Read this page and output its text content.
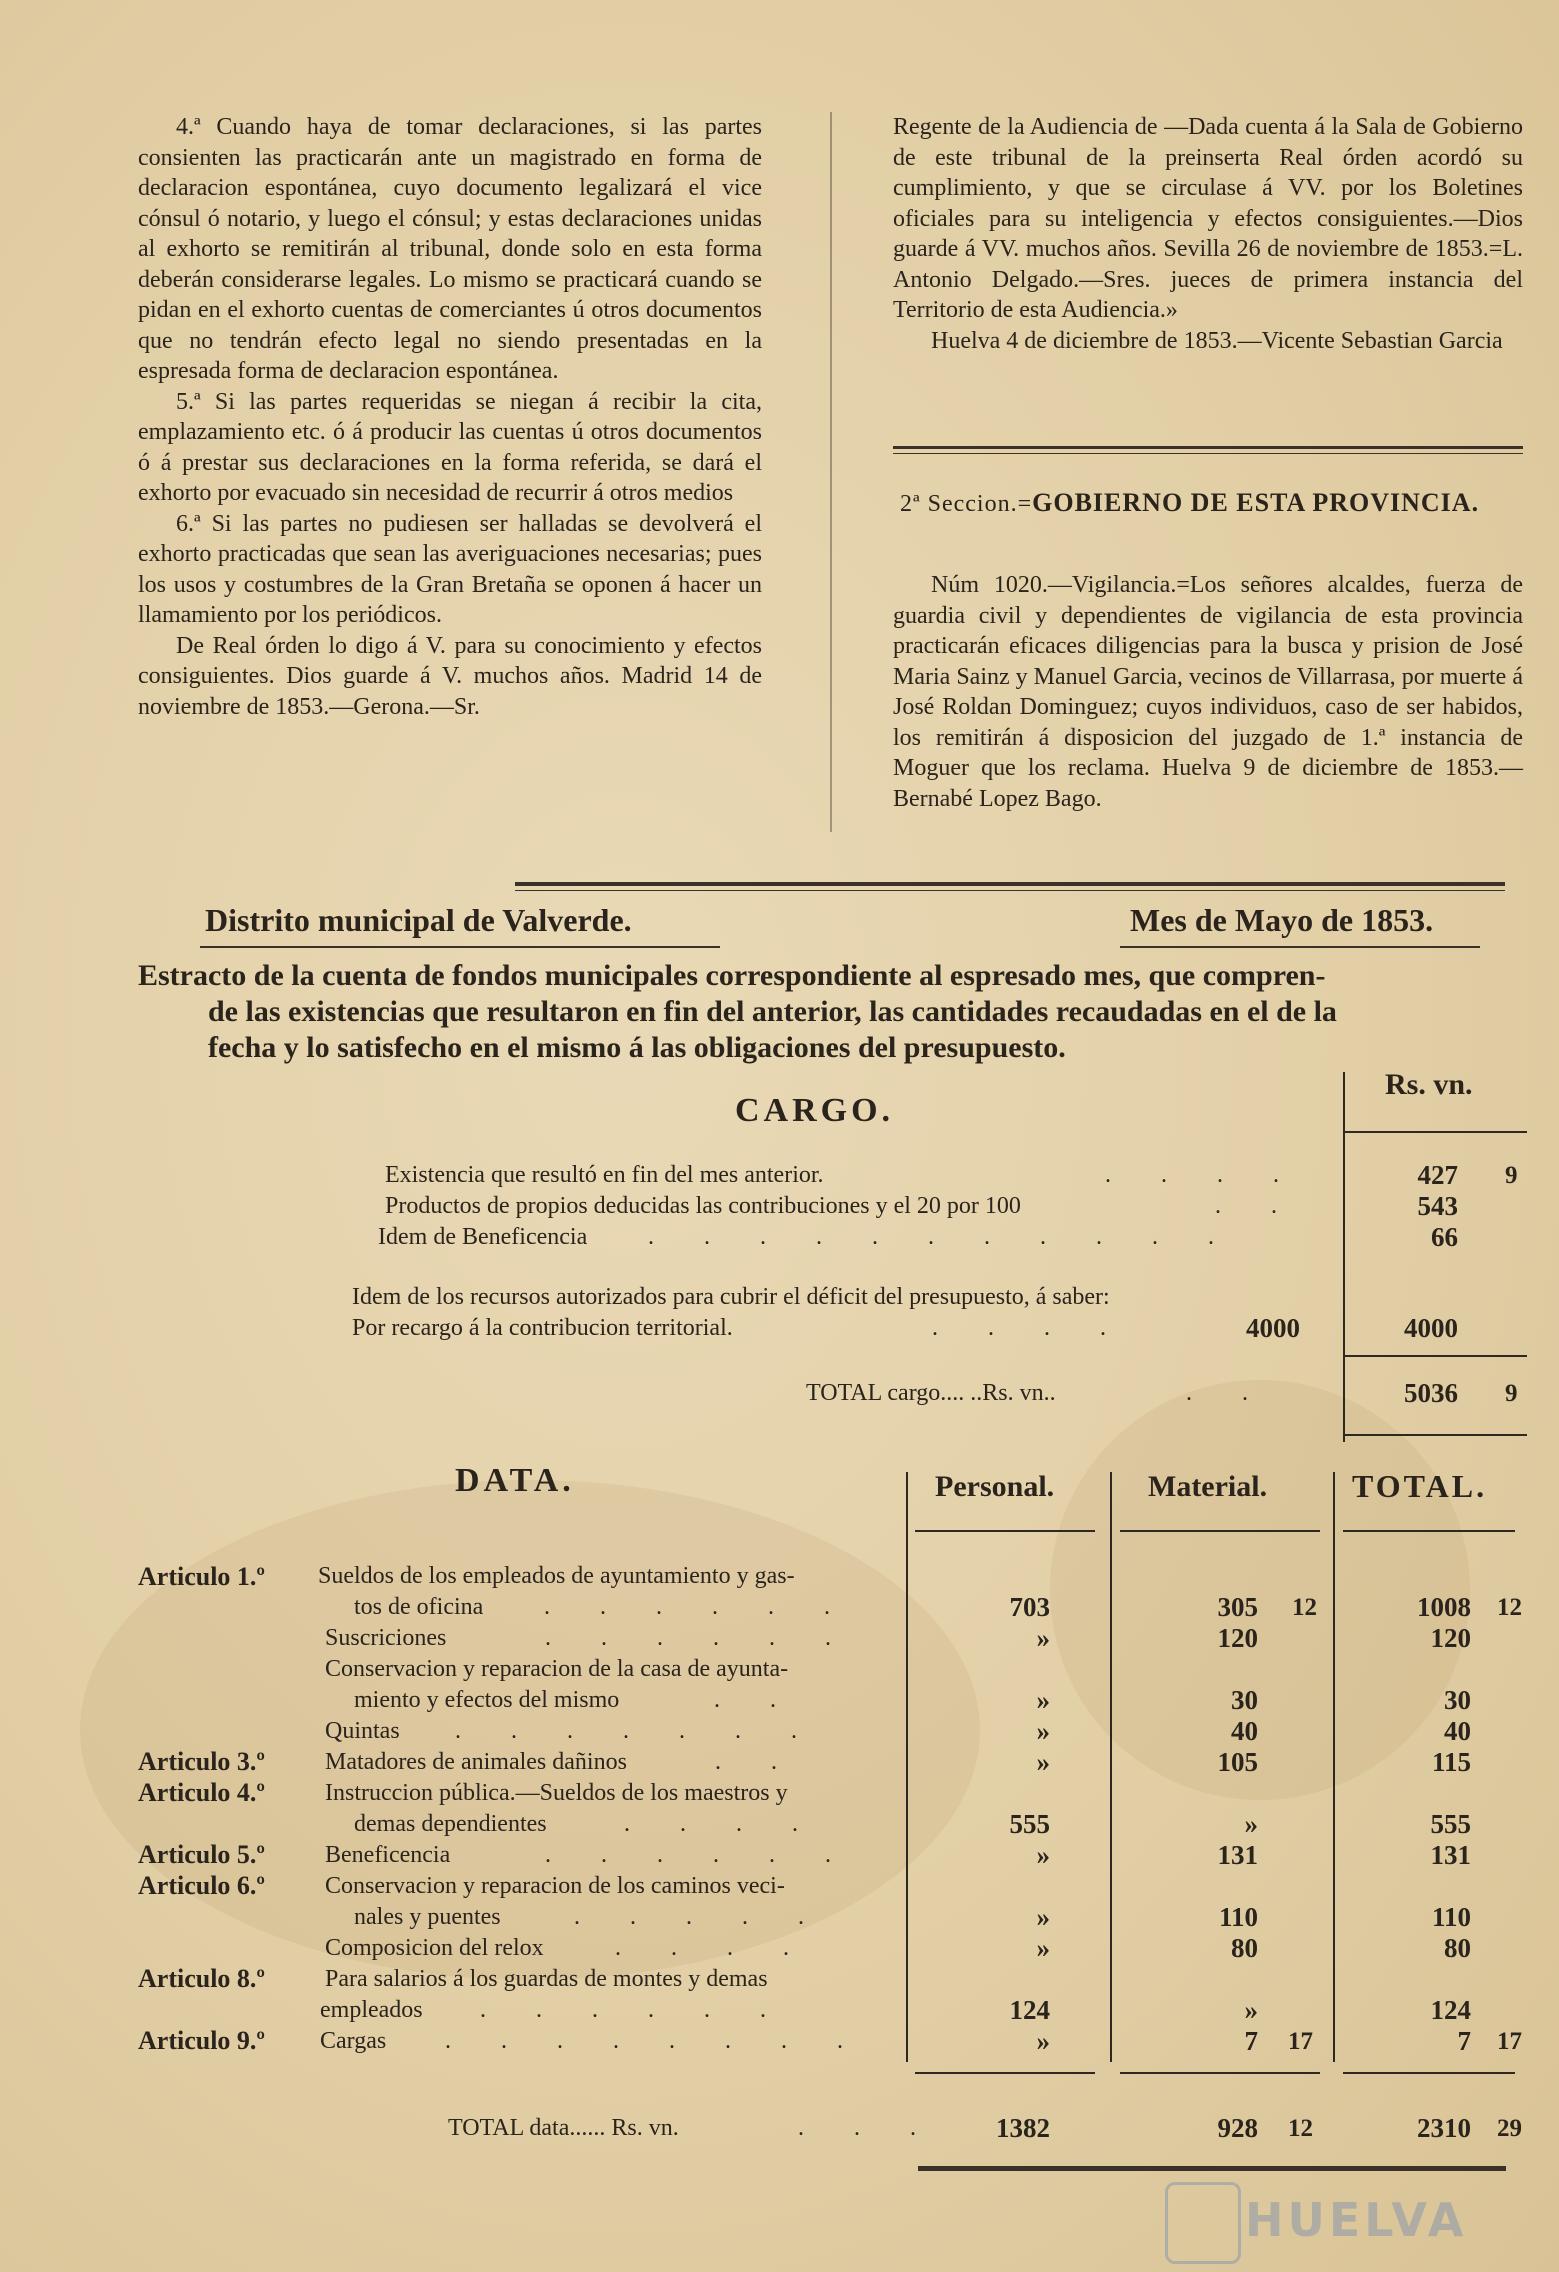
4.ª Cuando haya de tomar declaraciones, si las partes consienten las practicarán ante un magistrado en forma de declaracion espontánea, cuyo documento legalizará el vice cónsul ó notario, y luego el cónsul; y estas declaraciones unidas al exhorto se remitirán al tribunal, donde solo en esta forma deberán considerarse legales. Lo mismo se practicará cuando se pidan en el exhorto cuentas de comerciantes ú otros documentos que no tendrán efecto legal no siendo presentadas en la espresada forma de declaracion espontánea.

5.ª Si las partes requeridas se niegan á recibir la cita, emplazamiento etc. ó á producir las cuentas ú otros documentos ó á prestar sus declaraciones en la forma referida, se dará el exhorto por evacuado sin necesidad de recurrir á otros medios

6.ª Si las partes no pudiesen ser halladas se devolverá el exhorto practicadas que sean las averiguaciones necesarias; pues los usos y costumbres de la Gran Bretaña se oponen á hacer un llamamiento por los periódicos.

De Real órden lo digo á V. para su conocimiento y efectos consiguientes. Dios guarde á V. muchos años. Madrid 14 de noviembre de 1853.—Gerona.—Sr.

Regente de la Audiencia de —Dada cuenta á la Sala de Gobierno de este tribunal de la preinserta Real órden acordó su cumplimiento, y que se circulase á VV. por los Boletines oficiales para su inteligencia y efectos consiguientes.—Dios guarde á VV. muchos años. Sevilla 26 de noviembre de 1853.=L. Antonio Delgado.—Sres. jueces de primera instancia del Territorio de esta Audiencia.»

Huelva 4 de diciembre de 1853.—Vicente Sebastian Garcia

2ª Seccion.=GOBIERNO DE ESTA PROVINCIA.

Núm 1020.—Vigilancia.=Los señores alcaldes, fuerza de guardia civil y dependientes de vigilancia de esta provincia practicarán eficaces diligencias para la busca y prision de José Maria Sainz y Manuel Garcia, vecinos de Villarrasa, por muerte á José Roldan Dominguez; cuyos individuos, caso de ser habidos, los remitirán á disposicion del juzgado de 1.ª instancia de Moguer que los reclama. Huelva 9 de diciembre de 1853.—Bernabé Lopez Bago.

Distrito municipal de Valverde.	Mes de Mayo de 1853.

Estracto de la cuenta de fondos municipales correspondiente al espresado mes, que compren-

de las existencias que resultaron en fin del anterior, las cantidades recaudadas en el de la

fecha y lo satisfecho en el mismo á las obligaciones del presupuesto.

CARGO.
Rs. vn.
Existencia que resultó en fin del mes anterior.	. . . .	427 9
Productos de propios deducidas las contribuciones y el 20 por 100	. .	543
Idem de Beneficencia	. . . . . . . . . . .	66
Idem de los recursos autorizados para cubrir el déficit del presupuesto, á saber:
Por recargo á la contribucion territorial.	. . . .	4000	4000
TOTAL cargo.... ..Rs. vn..	. .	5036 9
DATA.	Personal.	Material.	TOTAL.
Articulo 1.º Sueldos de los empleados de ayuntamiento y gas-
tos de oficina	. . . . . .	703	305 12	1008 12
Suscriciones	. . . . . .	»	120	120
Conservacion y reparacion de la casa de ayunta-
miento y efectos del mismo	. .	»	30	30
Quintas . . . . . . .	»	40	40
Articulo 3.º Matadores de animales dañinos	. .	»	105	115
Articulo 4.º Instruccion pública.—Sueldos de los maestros y
demas dependientes	. . . .	555	»	555
Articulo 5.º Beneficencia	. . . . . .	»	131	131
Articulo 6.º Conservacion y reparacion de los caminos veci-
nales y puentes	. . . . .	»	110	110
Composicion del relox	. . . .	»	80	80
Articulo 8.º Para salarios á los guardas de montes y demas
empleados . . . . . .	124	»	124
Articulo 9.º Cargas . . . . . . . .	»	7 17	7 17
TOTAL data...... Rs. vn.	. . .	1382	928 12	2310 29
HUELVA
